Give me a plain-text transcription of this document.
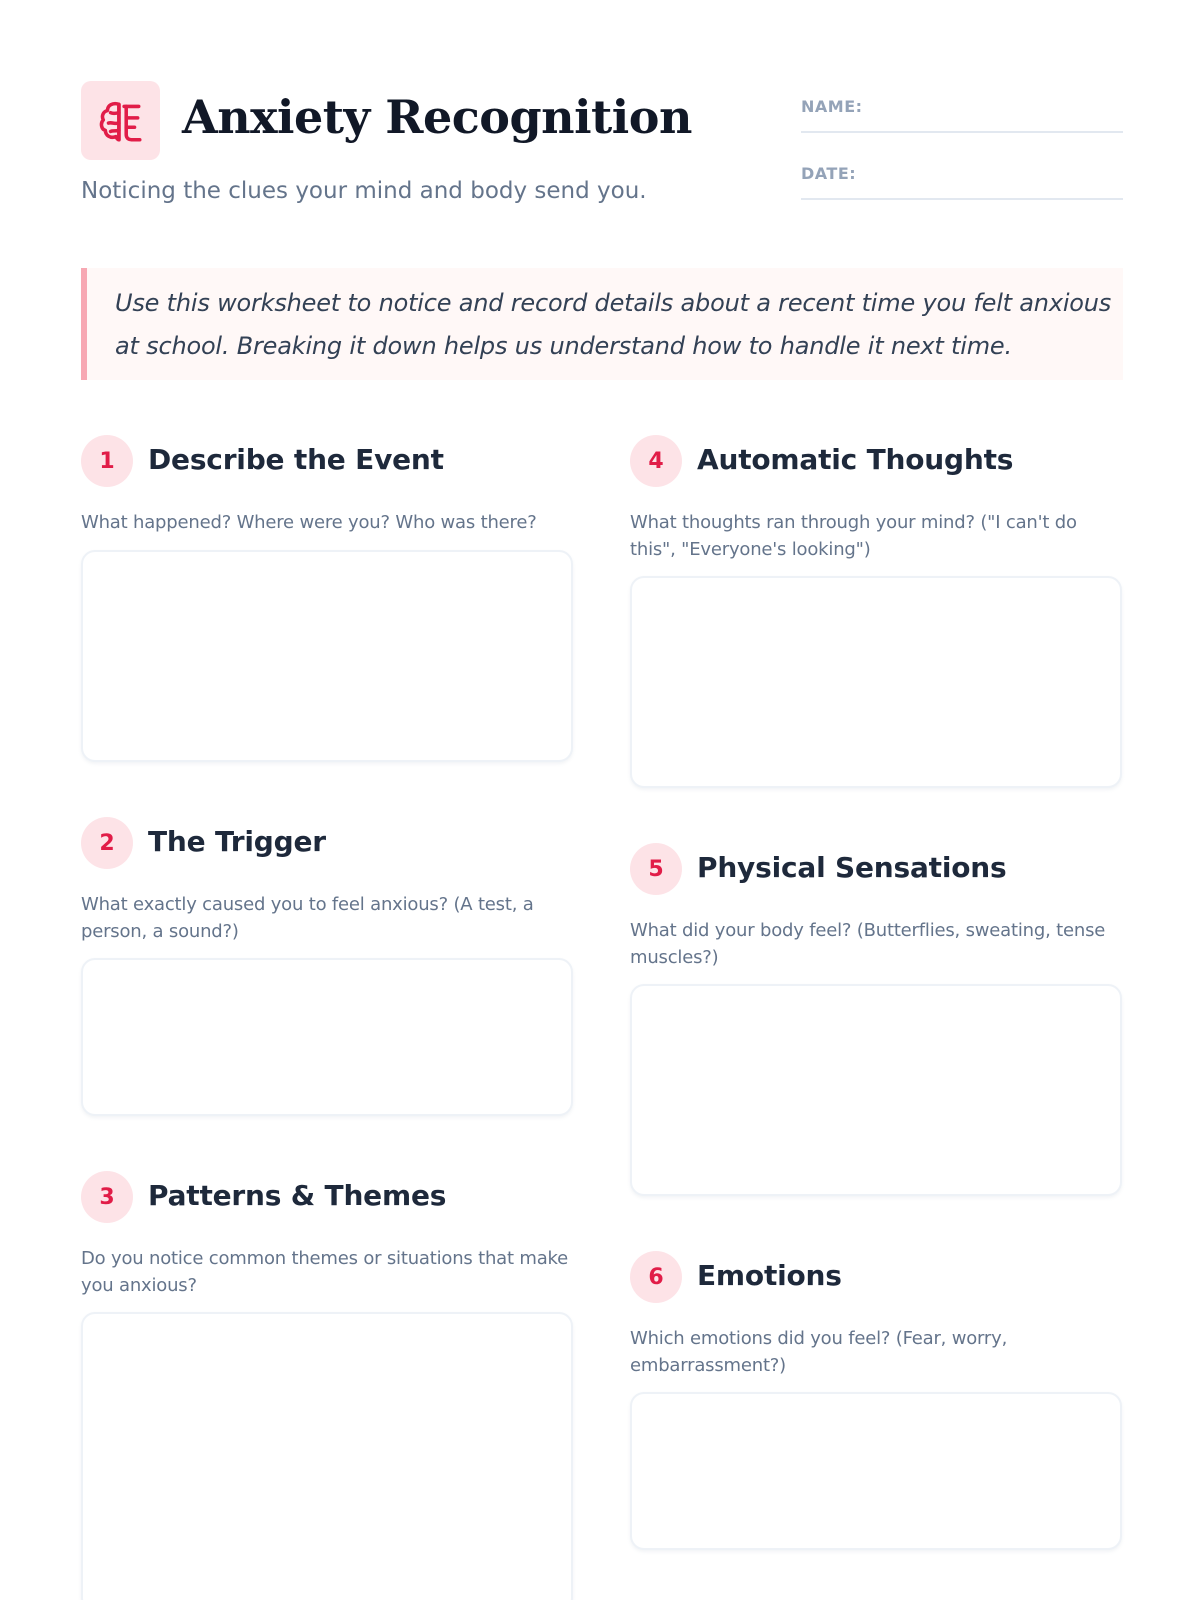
Anxiety Recognition
Noticing the clues your mind and body send you.
NAME:
DATE:

Use this worksheet to notice and record details about a recent time you felt anxious at school. Breaking it down helps us understand how to handle it next time.

1	Describe the Event
What happened? Where were you? Who was there?
2	The Trigger
What exactly caused you to feel anxious? (A test, a person, a sound?)
3	Patterns & Themes
Do you notice common themes or situations that make you anxious?
4	Automatic Thoughts
What thoughts ran through your mind? ("I can't do this", "Everyone's looking")
5	Physical Sensations
What did your body feel? (Butterflies, sweating, tense muscles?)
6	Emotions
Which emotions did you feel? (Fear, worry, embarrassment?)
